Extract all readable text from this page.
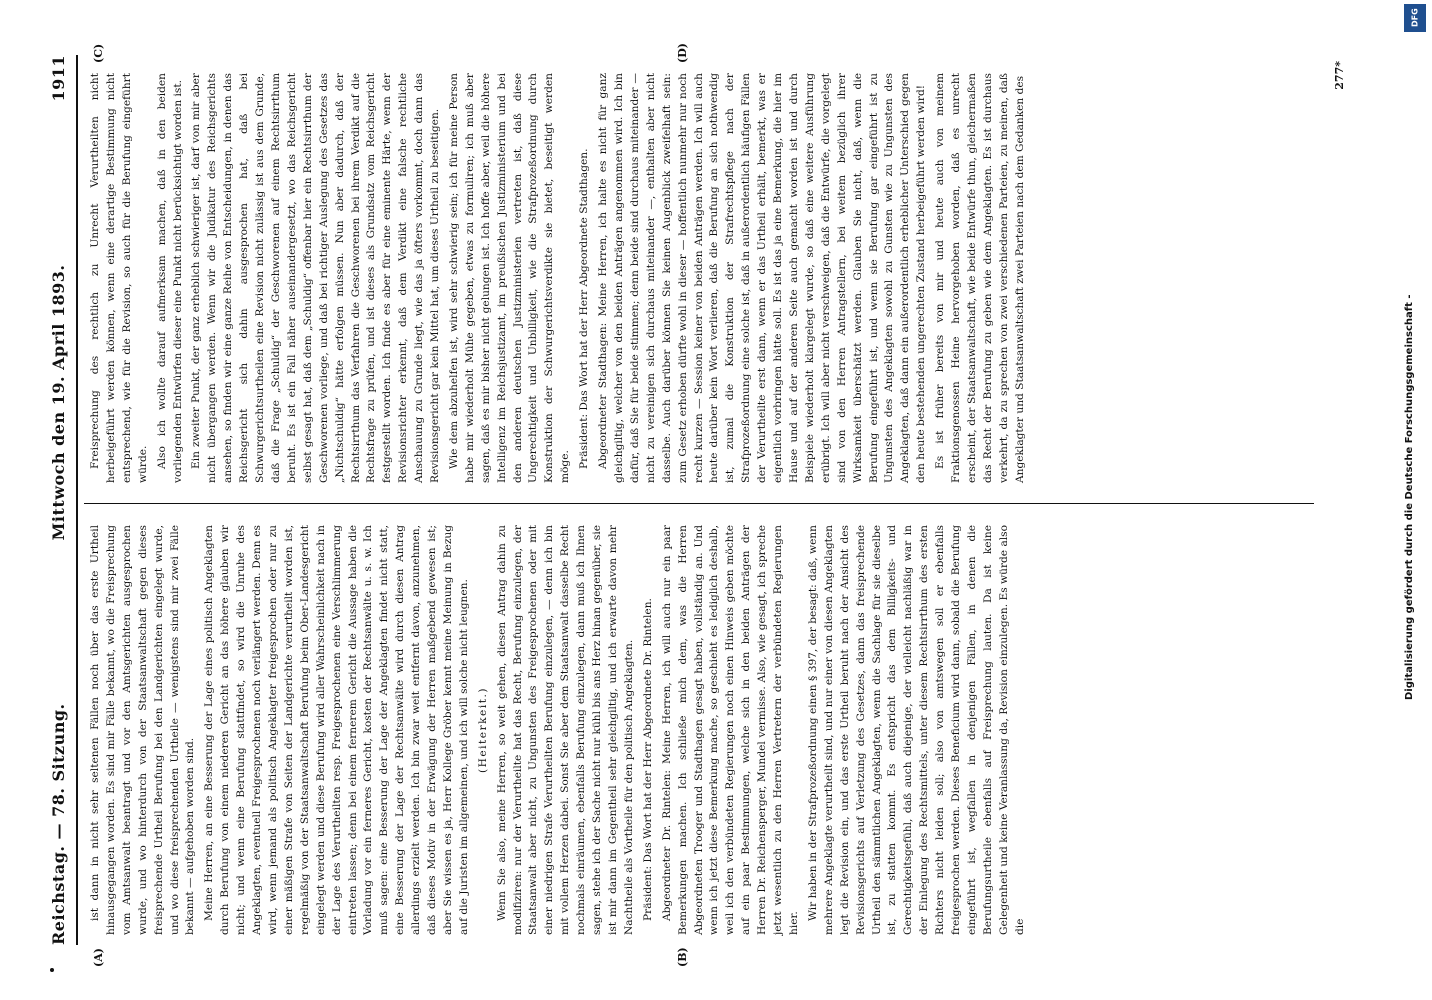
Reichstag. — 78. Sitzung.
Mittwoch den 19. April 1893.
1911
(A)	(B)
(C)	(D)

ist dann in nicht sehr seltenen Fällen noch über das erste Urtheil hinausgegangen worden. Es sind mir Fälle bekannt, wo die Freisprechung vom Amtsanwalt beantragt und vor den Amtsgerichten ausgesprochen wurde, und wo hinterdurch von der Staatsanwaltschaft gegen dieses freisprechende Urtheil Berufung bei den Landgerichten eingelegt wurde, und wo diese freisprechenden Urtheile — wenigstens sind mir zwei Fälle bekannt — aufgehoben worden sind. Meine Herren, an eine Besserung der Lage eines politisch Angeklagten durch Berufung von einem niederen Gericht an das höhere glauben wir nicht; und wenn eine Berufung stattfindet, so wird die Unruhe des Angeklagten, eventuell Freigesprochenen noch verlängert werden. Denn es wird, wenn jemand als politisch Angeklagter freigesprochen oder nur zu einer mäßigen Strafe von Seiten der Landgerichte verurtheilt worden ist, regelmäßig von der Staatsanwaltschaft Berufung beim Ober-Landesgericht eingelegt werden und diese Berufung wird aller Wahrscheinlichkeit nach in der Lage des Verurtheilten resp. Freigesprochenen eine Verschlimmerung eintreten lassen; denn bei einem fernerem Gericht die Aussage haben die Vorladung vor ein ferneres Gericht, kosten der Rechtsanwälte u. s. w. Ich muß sagen: eine Besserung der Lage der Angeklagten findet nicht statt, eine Besserung der Lage der Rechtsanwälte wird durch diesen Antrag allerdings erzielt werden. Ich bin zwar weit entfernt davon, anzunehmen, daß dieses Motiv in der Erwägung der Herren maßgebend gewesen ist; aber Sie wissen es ja, Herr Kollege Gröber kennt meine Meinung in Bezug auf die Juristen im allgemeinen, und ich will solche nicht leugnen. (Heiterkeit.) Wenn Sie also, meine Herren, so weit gehen, diesen Antrag dahin zu modifiziren: nur der Verurtheilte hat das Recht, Berufung einzulegen, der Staatsanwalt aber nicht, zu Ungunsten des Freigesprochenen oder mit einer niedrigen Strafe Verurtheilten Berufung einzulegen, — denn ich bin mit vollem Herzen dabei. Sonst Sie aber dem Staatsanwalt dasselbe Recht nochmals einräumen, ebenfalls Berufung einzulegen, dann muß ich Ihnen sagen, stehe ich der Sache nicht nur kühl bis ans Herz hinan gegenüber, sie ist mir dann im Gegentheil sehr gleichgiltig, und ich erwarte davon mehr Nachtheile als Vortheile für den politisch Angeklagten. Präsident: Das Wort hat der Herr Abgeordnete Dr. Rintelen. Abgeordneter Dr. Rintelen: Meine Herren, ich will auch nur ein paar Bemerkungen machen. Ich schließe mich dem, was die Herren Abgeordneten Trooger und Stadthagen gesagt haben, vollständig an. Und wenn ich jetzt diese Bemerkung mache, so geschieht es lediglich deshalb, weil ich den verbündeten Regierungen noch einen Hinweis geben möchte auf ein paar Bestimmungen, welche sich in den beiden Anträgen der Herren Dr. Reichensperger, Mundel vermisse. Also, wie gesagt, ich spreche jetzt wesentlich zu den Herren Vertretern der verbündeten Regierungen hier.

Wir haben in der Strafprozeßordnung einen § 397, der besagt: daß, wenn mehrere Angeklagte verurtheilt sind, und nur einer von diesen Angeklagten legt die Revision ein, und das erste Urtheil beruht nach der Ansicht des Revisionsgerichts auf Verletzung des Gesetzes, dann das freisprechende Urtheil den sämmtlichen Angeklagten, wenn die Sachlage für sie dieselbe ist, zu statten kommt. Es entspricht das dem Billigkeits- und Gerechtigkeitsgefühl, daß auch diejenige, der vielleicht nachläßig war in der Einlegung des Rechtsmittels, unter diesem Rechtsirrthum des ersten Richters nicht leiden soll; also von amtswegen soll er ebenfalls freigesprochen werden. Dieses Beneficium wird dann, sobald die Berufung eingeführt ist, wegfallen in denjenigen Fällen, in denen die Berufungsurtheile ebenfalls auf Freisprechung lauten. Da ist keine Gelegenheit und keine Veranlassung da, Revision einzulegen. Es würde also die

Freisprechung des rechtlich zu Unrecht Verurtheilten nicht herbeigeführt werden können, wenn eine derartige Bestimmung nicht entsprechend, wie für die Revision, so auch für die Berufung eingeführt würde. Also ich wollte darauf aufmerksam machen, daß in den beiden vorliegenden Entwürfen dieser eine Punkt nicht berücksichtigt worden ist. Ein zweiter Punkt, der ganz erheblich schwieriger ist, darf von mir aber nicht übergangen werden. Wenn wir die Judikatur des Reichsgerichts ansehen, so finden wir eine ganze Reihe von Entscheidungen, in denen das Reichsgericht sich dahin ausgesprochen hat, daß bei Schwurgerichtsurtheilen eine Revision nicht zulässig ist aus dem Grunde, daß die Frage „Schuldig“ der Geschworenen auf einem Rechtsirrthum beruht. Es ist ein Fall näher auseinandergesetzt, wo das Reichsgericht selbst gesagt hat, daß dem „Schuldig“ offenbar hier ein Rechtsirrthum der Geschworenen vorliege, und daß bei richtiger Auslegung des Gesetzes das „Nichtschuldig“ hätte erfolgen müssen. Nun aber dadurch, daß der Rechtsirrthum das Verfahren die Geschworenen bei ihrem Verdikt auf die Rechtsfrage zu prüfen, und ist dieses als Grundsatz vom Reichsgericht festgestellt worden. Ich finde es aber für eine eminente Härte, wenn der Revisionsrichter erkennt, daß dem Verdikt eine falsche rechtliche Anschauung zu Grunde liegt, wie das ja öfters vorkommt, doch dann das Revisionsgericht gar kein Mittel hat, um dieses Urtheil zu beseitigen. Wie dem abzuhelfen ist, wird sehr schwierig sein; ich für meine Person habe mir wiederholt Mühe gegeben, etwas zu formuliren; ich muß aber sagen, daß es mir bisher nicht gelungen ist. Ich hoffe aber, weil die höhere Intelligenz im Reichsjustizamt, im preußischen Justizministerium und bei den anderen deutschen Justizministerien vertreten ist, daß diese Ungerechtigkeit und Unbilligkeit, wie die Strafprozeßordnung durch Konstruktion der Schwurgerichtsverdikte sie bietet, beseitigt werden möge. Präsident: Das Wort hat der Herr Abgeordnete Stadthagen. Abgeordneter Stadthagen: Meine Herren, ich halte es nicht für ganz gleichgiltig, welcher von den beiden Anträgen angenommen wird. Ich bin dafür, daß Sie für beide stimmen; denn beide sind durchaus miteinander — nicht zu vereinigen sich durchaus miteinander —, enthalten aber nicht dasselbe. Auch darüber können Sie keinen Augenblick zweifelhaft sein: zum Gesetz erhoben dürfte wohl in dieser — hoffentlich nunmehr nur noch recht kurzen — Session keiner von beiden Anträgen werden. Ich will auch heute darüber kein Wort verlieren, daß die Berufung an sich nothwendig ist, zumal die Konstruktion der Strafrechtspflege nach der Strafprozeßordnung eine solche ist, daß in außerordentlich häufigen Fällen der Verurtheilte erst dann, wenn er das Urtheil erhält, bemerkt, was er eigentlich vorbringen hätte soll. Es ist das ja eine Bemerkung, die hier im Hause und auf der anderen Seite auch gemacht worden ist und durch Beispiele wiederholt klargelegt wurde, so daß eine weitere Ausführung erübrigt. Ich will aber nicht verschweigen, daß die Entwürfe, die vorgelegt sind von den Herren Antragstellern, bei weitem bezüglich ihrer Wirksamkeit überschätzt werden. Glauben Sie nicht, daß, wenn die Berufung eingeführt ist, und wenn sie Berufung gar eingeführt ist zu Ungunsten des Angeklagten sowohl zu Gunsten wie zu Ungunsten des Angeklagten, daß dann ein außerordentlich erheblicher Unterschied gegen den heute bestehenden ungerechten Zustand herbeigeführt werden wird! Es ist früher bereits von mir und heute auch von meinem Fraktionsgenossen Heine hervorgehoben worden, daß es unrecht erscheint, der Staatsanwaltschaft, wie beide Entwürfe thun, gleichermaßen das Recht der Berufung zu geben wie dem Angeklagten. Es ist durchaus verkehrt, da zu sprechen von zwei verschiedenen Parteien, zu meinen, daß Angeklagter und Staatsanwaltschaft zwei Parteien nach dem Gedanken des

277*
DFG
Digitalisierung gefördert durch die Deutsche Forschungsgemeinschaft -
